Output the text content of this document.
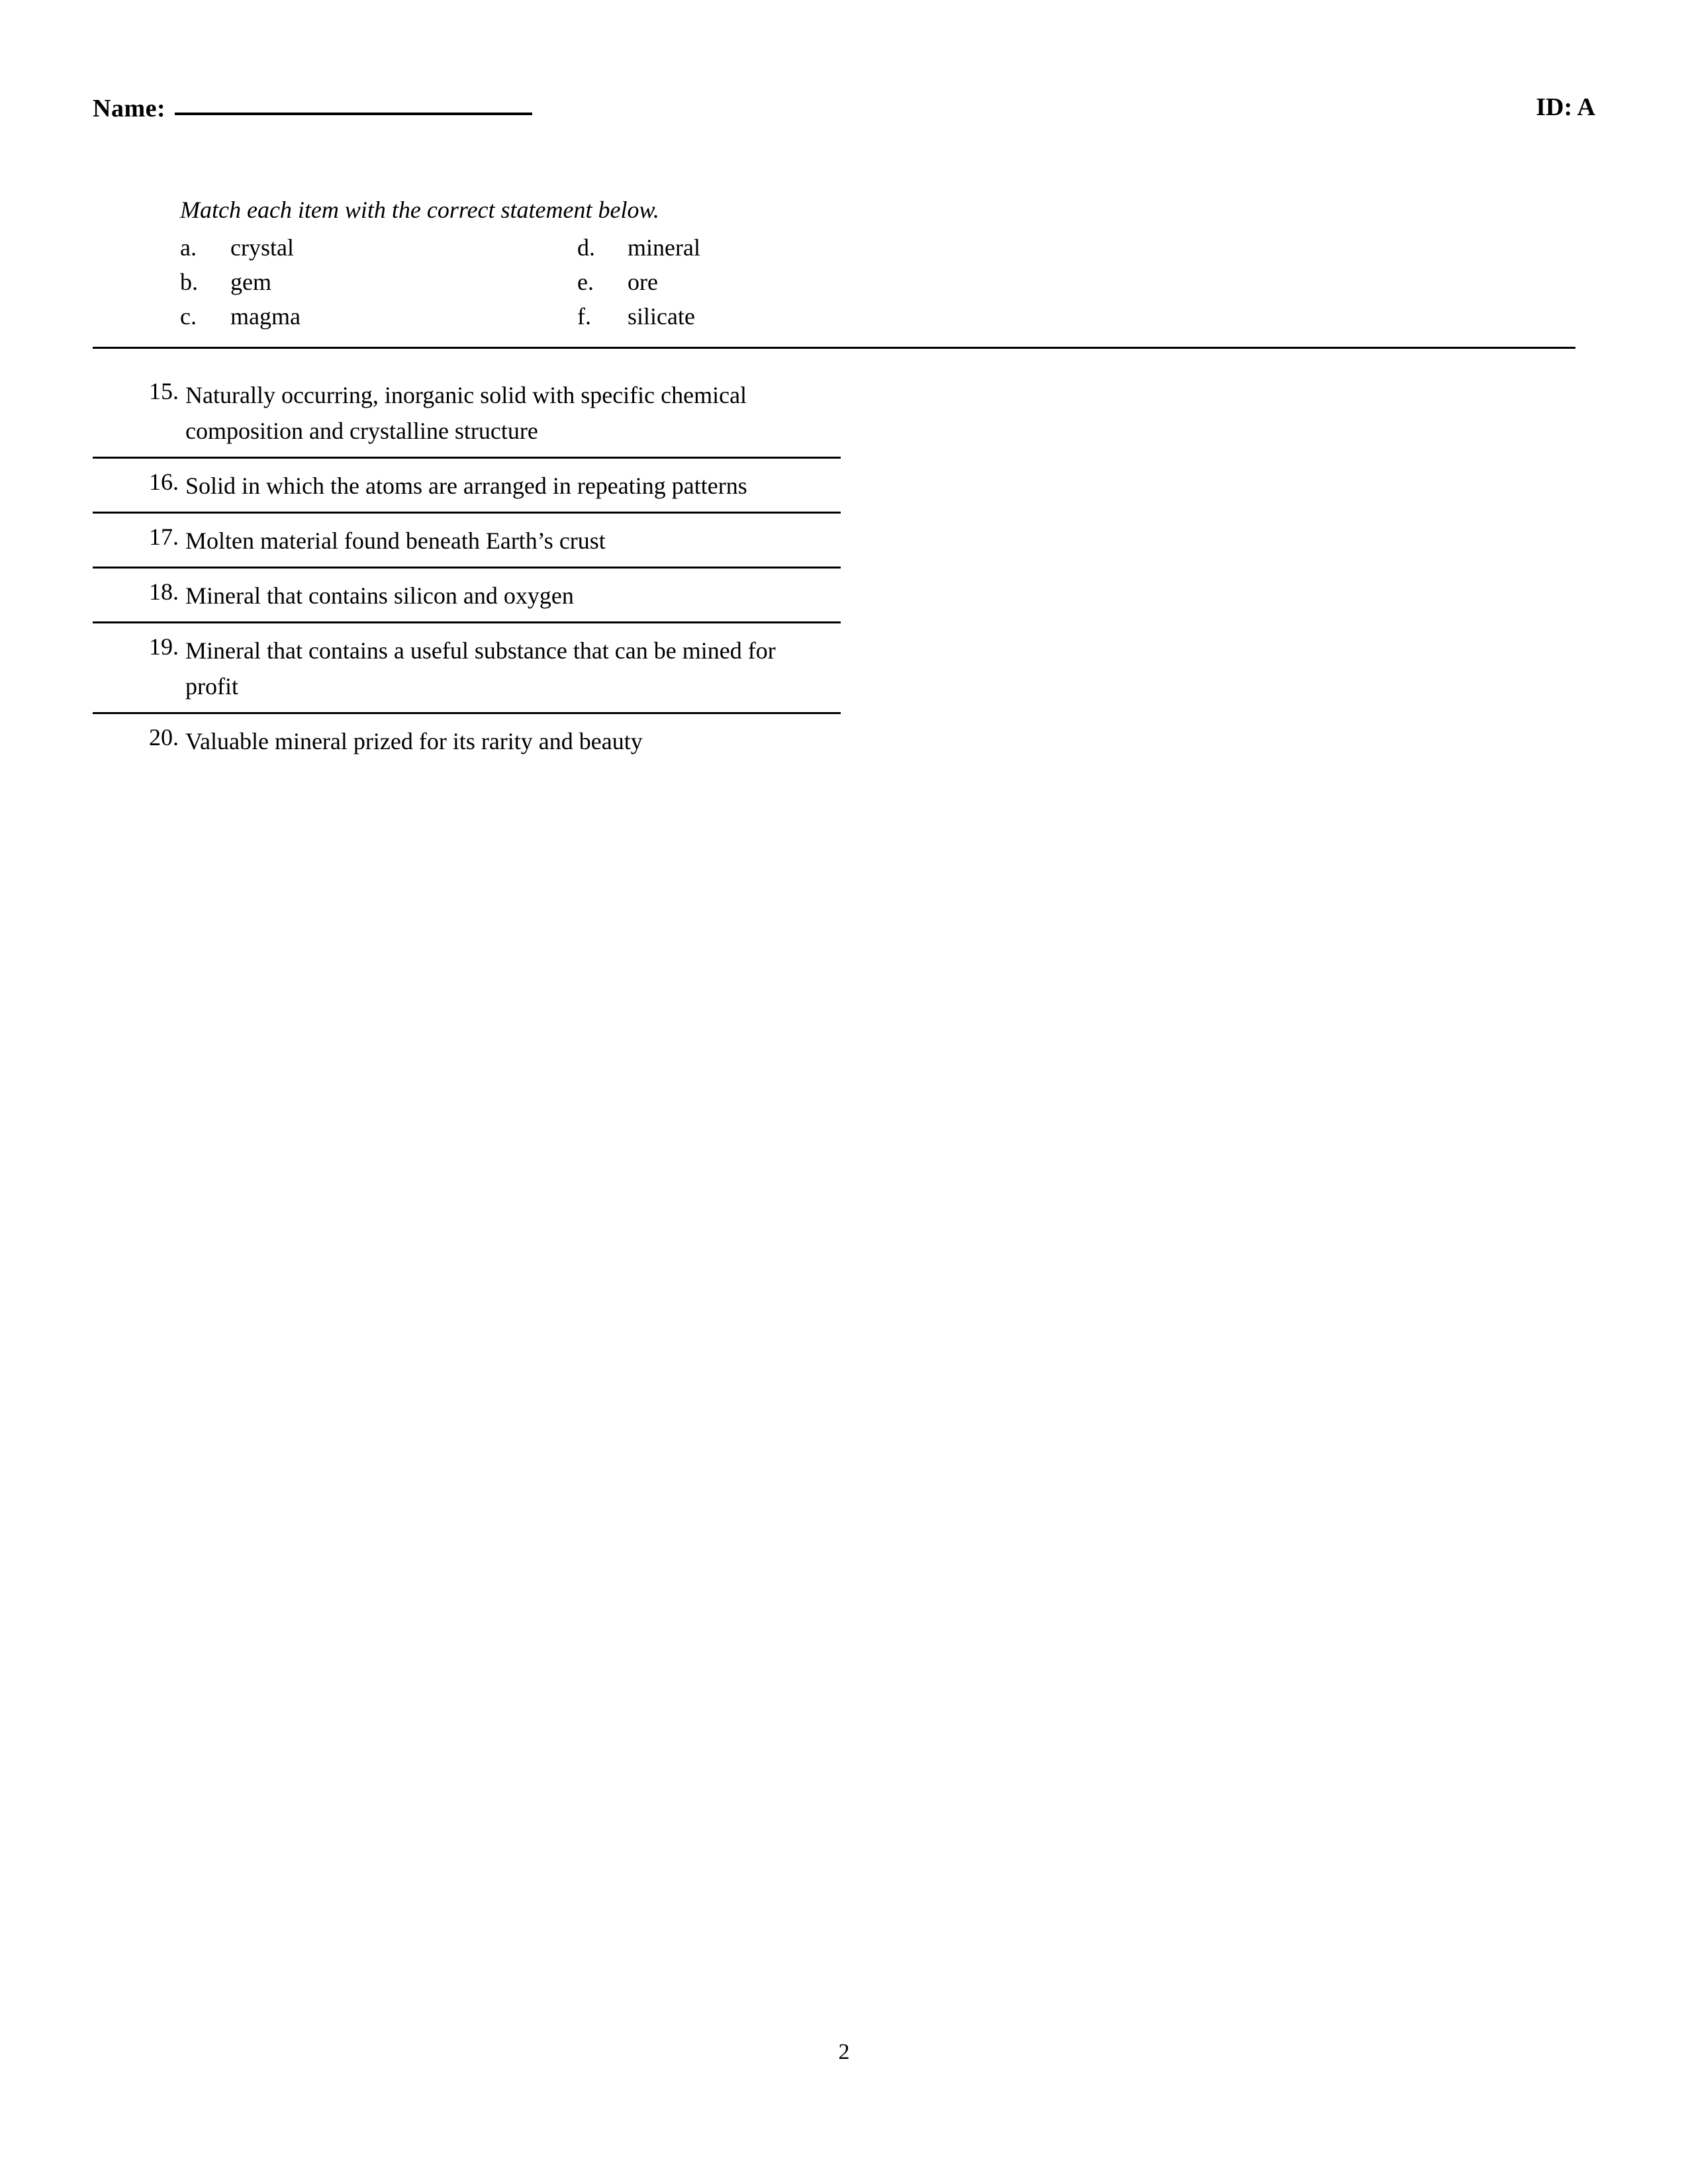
Name:	ID: A
Match each item with the correct statement below.
a. crystal
b. gem
c. magma
d. mineral
e. ore
f. silicate
15. Naturally occurring, inorganic solid with specific chemical composition and crystalline structure
16. Solid in which the atoms are arranged in repeating patterns
17. Molten material found beneath Earth’s crust
18. Mineral that contains silicon and oxygen
19. Mineral that contains a useful substance that can be mined for profit
20. Valuable mineral prized for its rarity and beauty
2
